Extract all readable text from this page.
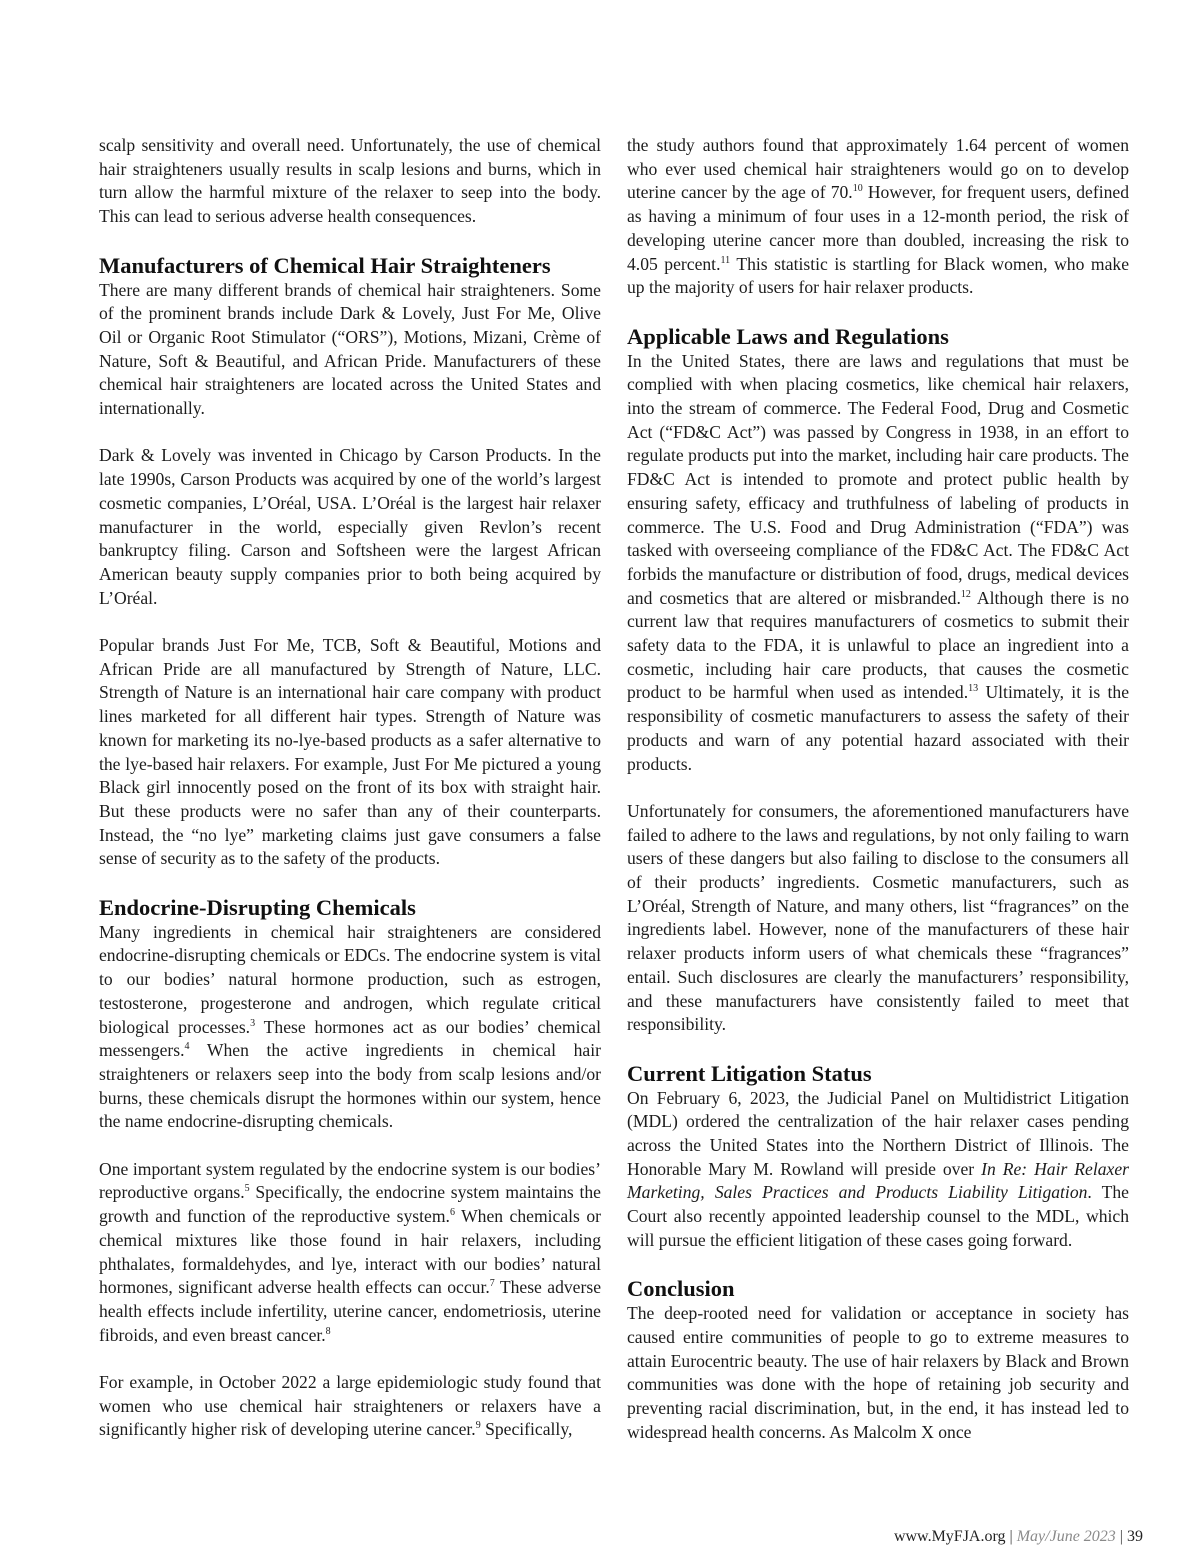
scalp sensitivity and overall need. Unfortunately, the use of chemical hair straighteners usually results in scalp lesions and burns, which in turn allow the harmful mixture of the relaxer to seep into the body. This can lead to serious adverse health consequences.

Manufacturers of Chemical Hair Straighteners

There are many different brands of chemical hair straighteners. Some of the prominent brands include Dark & Lovely, Just For Me, Olive Oil or Organic Root Stimulator (“ORS”), Motions, Mizani, Crème of Nature, Soft & Beautiful, and African Pride. Manufacturers of these chemical hair straighteners are located across the United States and internationally.

Dark & Lovely was invented in Chicago by Carson Products. In the late 1990s, Carson Products was acquired by one of the world’s largest cosmetic companies, L’Oréal, USA. L’Oréal is the largest hair relaxer manufacturer in the world, especially given Revlon’s recent bankruptcy filing. Carson and Softsheen were the largest African American beauty supply companies prior to both being acquired by L’Oréal.

Popular brands Just For Me, TCB, Soft & Beautiful, Motions and African Pride are all manufactured by Strength of Nature, LLC. Strength of Nature is an international hair care company with product lines marketed for all different hair types. Strength of Nature was known for marketing its no-lye-based products as a safer alternative to the lye-based hair relaxers. For example, Just For Me pictured a young Black girl innocently posed on the front of its box with straight hair. But these products were no safer than any of their counterparts. Instead, the “no lye” marketing claims just gave consumers a false sense of security as to the safety of the products.

Endocrine-Disrupting Chemicals

Many ingredients in chemical hair straighteners are considered endocrine-disrupting chemicals or EDCs. The endocrine system is vital to our bodies’ natural hormone production, such as estrogen, testosterone, progesterone and androgen, which regulate critical biological processes.$^3$ These hormones act as our bodies’ chemical messengers.$^4$ When the active ingredients in chemical hair straighteners or relaxers seep into the body from scalp lesions and/or burns, these chemicals disrupt the hormones within our system, hence the name endocrine-disrupting chemicals.

One important system regulated by the endocrine system is our bodies’ reproductive organs.$^5$ Specifically, the endocrine system maintains the growth and function of the reproductive system.$^6$ When chemicals or chemical mixtures like those found in hair relaxers, including phthalates, formaldehydes, and lye, interact with our bodies’ natural hormones, significant adverse health effects can occur.$^7$ These adverse health effects include infertility, uterine cancer, endometriosis, uterine fibroids, and even breast cancer.$^8$

For example, in October 2022 a large epidemiologic study found that women who use chemical hair straighteners or relaxers have a significantly higher risk of developing uterine cancer.$^9$ Specifically,

the study authors found that approximately 1.64 percent of women who ever used chemical hair straighteners would go on to develop uterine cancer by the age of 70.10 However, for frequent users, defined as having a minimum of four uses in a 12-month period, the risk of developing uterine cancer more than doubled, increasing the risk to 4.05 percent.$^{11}$ This statistic is startling for Black women, who make up the majority of users for hair relaxer products.

Applicable Laws and Regulations

In the United States, there are laws and regulations that must be complied with when placing cosmetics, like chemical hair relaxers, into the stream of commerce. The Federal Food, Drug and Cosmetic Act (“FD&C Act”) was passed by Congress in 1938, in an effort to regulate products put into the market, including hair care products. The FD&C Act is intended to promote and protect public health by ensuring safety, efficacy and truthfulness of labeling of products in commerce. The U.S. Food and Drug Administration (“FDA”) was tasked with overseeing compliance of the FD&C Act. The FD&C Act forbids the manufacture or distribution of food, drugs, medical devices and cosmetics that are altered or misbranded.$^{12}$ Although there is no current law that requires manufacturers of cosmetics to submit their safety data to the FDA, it is unlawful to place an ingredient into a cosmetic, including hair care products, that causes the cosmetic product to be harmful when used as intended.$^{13}$ Ultimately, it is the responsibility of cosmetic manufacturers to assess the safety of their products and warn of any potential hazard associated with their products.

Unfortunately for consumers, the aforementioned manufacturers have failed to adhere to the laws and regulations, by not only failing to warn users of these dangers but also failing to disclose to the consumers all of their products’ ingredients. Cosmetic manufacturers, such as L’Oréal, Strength of Nature, and many others, list “fragrances” on the ingredients label. However, none of the manufacturers of these hair relaxer products inform users of what chemicals these “fragrances” entail. Such disclosures are clearly the manufacturers’ responsibility, and these manufacturers have consistently failed to meet that responsibility.

Current Litigation Status

On February 6, 2023, the Judicial Panel on Multidistrict Litigation (MDL) ordered the centralization of the hair relaxer cases pending across the United States into the Northern District of Illinois. The Honorable Mary M. Rowland will preside over In Re: Hair Relaxer Marketing, Sales Practices and Products Liability Litigation. The Court also recently appointed leadership counsel to the MDL, which will pursue the efficient litigation of these cases going forward.

Conclusion

The deep-rooted need for validation or acceptance in society has caused entire communities of people to go to extreme measures to attain Eurocentric beauty. The use of hair relaxers by Black and Brown communities was done with the hope of retaining job security and preventing racial discrimination, but, in the end, it has instead led to widespread health concerns. As Malcolm X once

www.MyFJA.org | May/June 2023 | 39
